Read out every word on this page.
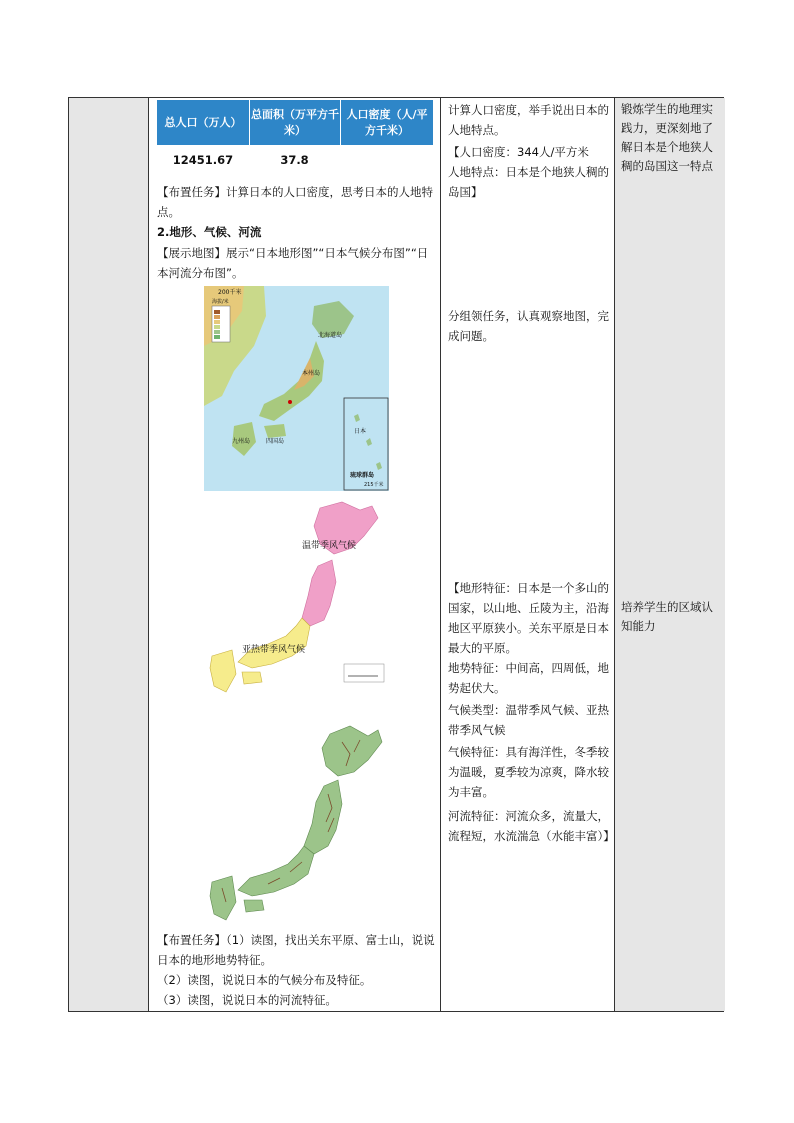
总人口（万人）
总面积（万平方千米）
人口密度（人/平方千米）
12451.67	37.8
【布置任务】计算日本的人口密度，思考日本的人地特点。
2.地形、气候、河流
【展示地图】展示“日本地形图”“日本气候分布图”“日本河流分布图”。
200千米
海拔/米
北海道岛
本州岛
四国岛
九州岛
日本
琉球群岛
215千米
温带季风气候
亚热带季风气候
【布置任务】（1）读图，找出关东平原、富士山，说说日本的地形地势特征。
（2）读图，说说日本的气候分布及特征。
（3）读图，说说日本的河流特征。
计算人口密度，举手说出日本的人地特点。
【人口密度：344人/平方米
人地特点：日本是个地狭人稠的岛国】
分组领任务，认真观察地图，完成问题。
【地形特征：日本是一个多山的国家，以山地、丘陵为主，沿海地区平原狭小。关东平原是日本最大的平原。
地势特征：中间高，四周低，地势起伏大。
气候类型：温带季风气候、亚热带季风气候
气候特征：具有海洋性，冬季较为温暖，夏季较为凉爽，降水较为丰富。
河流特征：河流众多，流量大，流程短，水流湍急（水能丰富）】
锻炼学生的地理实践力，更深刻地了解日本是个地狭人稠的岛国这一特点
培养学生的区域认知能力
